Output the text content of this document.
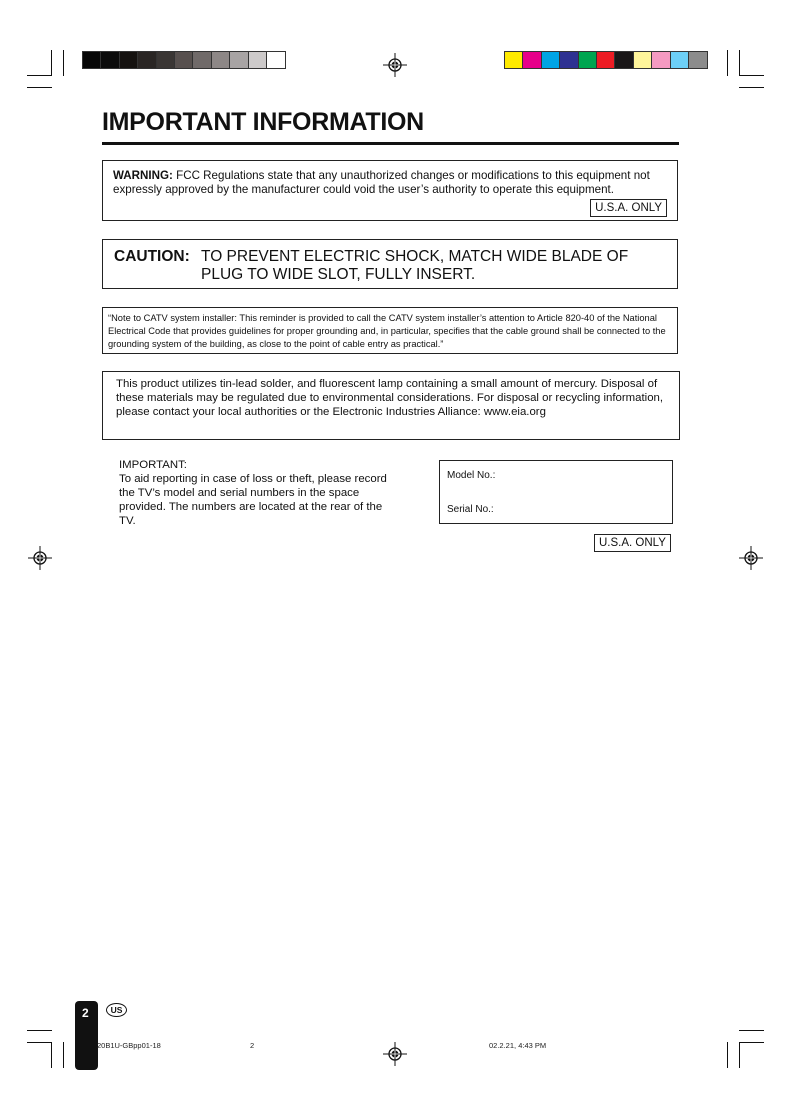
IMPORTANT INFORMATION
WARNING: FCC Regulations state that any unauthorized changes or modifications to this equipment not expressly approved by the manufacturer could void the user’s authority to operate this equipment.
U.S.A. ONLY
CAUTION: TO PREVENT ELECTRIC SHOCK, MATCH WIDE BLADE OF PLUG TO WIDE SLOT, FULLY INSERT.
“Note to CATV system installer: This reminder is provided to call the CATV system installer’s attention to Article 820-40 of the National Electrical Code that provides guidelines for proper grounding and, in particular, specifies that the cable ground shall be connected to the grounding system of the building, as close to the point of cable entry as practical.”
This product utilizes tin-lead solder, and fluorescent lamp containing a small amount of mercury. Disposal of these materials may be regulated due to environmental considerations. For disposal or recycling information, please contact your local authorities or the Electronic Industries Alliance: www.eia.org
IMPORTANT:
To aid reporting in case of loss or theft, please record the TV’s model and serial numbers in the space provided. The numbers are located at the rear of the TV.
Model No.:
Serial No.:
U.S.A. ONLY
2	US
20B1U-GBpp01-18	2	02.2.21, 4:43 PM
